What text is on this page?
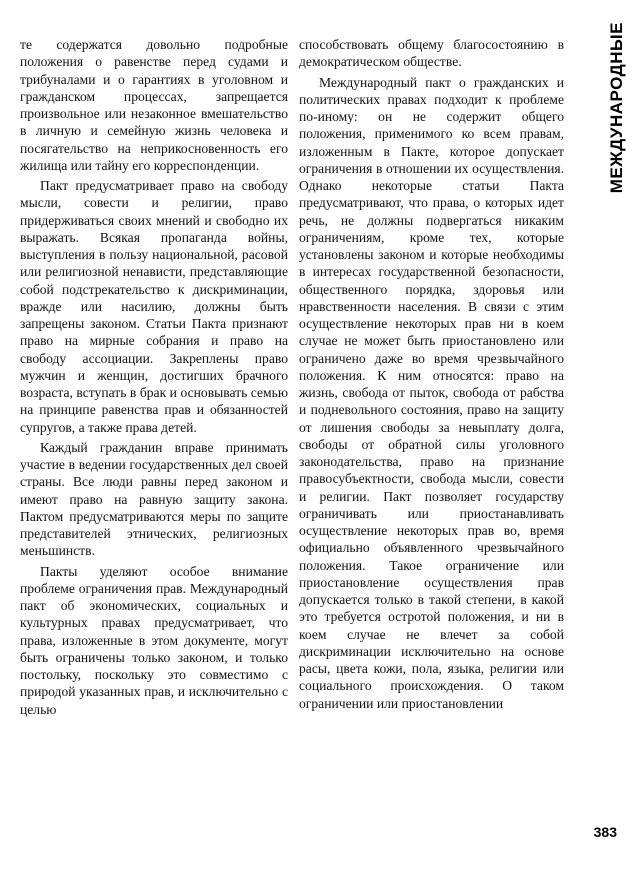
те содержатся довольно подробные положения о равенстве перед судами и трибуналами и о гарантиях в уголовном и гражданском процессах, запрещается произвольное или незаконное вмешательство в личную и семейную жизнь человека и посягательство на неприкосновенность его жилища или тайну его корреспонденции.

Пакт предусматривает право на свободу мысли, совести и религии, право придерживаться своих мнений и свободно их выражать. Всякая пропаганда войны, выступления в пользу национальной, расовой или религиозной ненависти, представляющие собой подстрекательство к дискриминации, вражде или насилию, должны быть запрещены законом. Статьи Пакта признают право на мирные собрания и право на свободу ассоциации. Закреплены право мужчин и женщин, достигших брачного возраста, вступать в брак и основывать семью на принципе равенства прав и обязанностей супругов, а также права детей.

Каждый гражданин вправе принимать участие в ведении государственных дел своей страны. Все люди равны перед законом и имеют право на равную защиту закона. Пактом предусматриваются меры по защите представителей этнических, религиозных меньшинств.

Пакты уделяют особое внимание проблеме ограничения прав. Международный пакт об экономических, социальных и культурных правах предусматривает, что права, изложенные в этом документе, могут быть ограничены только законом, и только постольку, поскольку это совместимо с природой указанных прав, и исключительно с целью

способствовать общему благосостоянию в демократическом обществе.

Международный пакт о гражданских и политических правах подходит к проблеме по-иному: он не содержит общего положения, применимого ко всем правам, изложенным в Пакте, которое допускает ограничения в отношении их осуществления. Однако некоторые статьи Пакта предусматривают, что права, о которых идет речь, не должны подвергаться никаким ограничениям, кроме тех, которые установлены законом и которые необходимы в интересах государственной безопасности, общественного порядка, здоровья или нравственности населения. В связи с этим осуществление некоторых прав ни в коем случае не может быть приостановлено или ограничено даже во время чрезвычайного положения. К ним относятся: право на жизнь, свобода от пыток, свобода от рабства и подневольного состояния, право на защиту от лишения свободы за невыплату долга, свободы от обратной силы уголовного законодательства, право на признание правосубъектности, свобода мысли, совести и религии. Пакт позволяет государству ограничивать или приостанавливать осуществление некоторых прав во, время официально объявленного чрезвычайного положения. Такое ограничение или приостановление осуществления прав допускается только в такой степени, в какой это требуется остротой положения, и ни в коем случае не влечет за собой дискриминации исключительно на основе расы, цвета кожи, пола, языка, религии или социального происхождения. О таком ограничении или приостановлении

МЕЖДУНАРОДНЫЕ
383
